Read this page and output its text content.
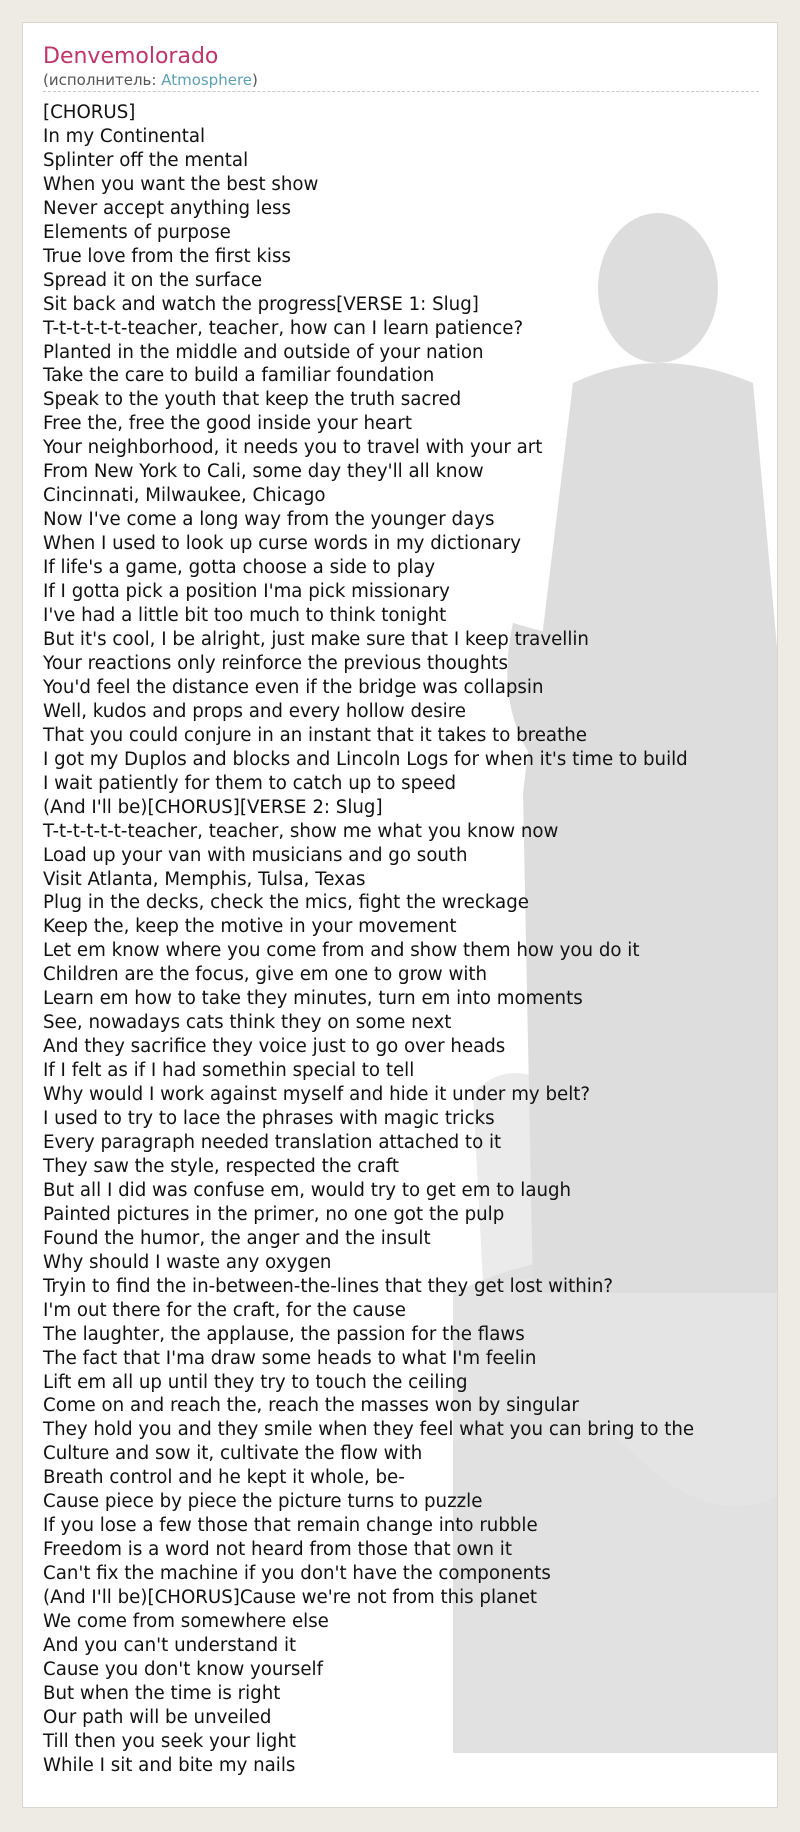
Denvemolorado
(исполнитель: Atmosphere)
[CHORUS]
In my Continental
Splinter off the mental
When you want the best show
Never accept anything less
Elements of purpose
True love from the first kiss
Spread it on the surface
Sit back and watch the progress[VERSE 1: Slug]
T-t-t-t-t-t-teacher, teacher, how can I learn patience?
Planted in the middle and outside of your nation
Take the care to build a familiar foundation
Speak to the youth that keep the truth sacred
Free the, free the good inside your heart
Your neighborhood, it needs you to travel with your art
From New York to Cali, some day they'll all know
Cincinnati, Milwaukee, Chicago
Now I've come a long way from the younger days
When I used to look up curse words in my dictionary
If life's a game, gotta choose a side to play
If I gotta pick a position I'ma pick missionary
I've had a little bit too much to think tonight
But it's cool, I be alright, just make sure that I keep travellin
Your reactions only reinforce the previous thoughts
You'd feel the distance even if the bridge was collapsin
Well, kudos and props and every hollow desire
That you could conjure in an instant that it takes to breathe
I got my Duplos and blocks and Lincoln Logs for when it's time to build
I wait patiently for them to catch up to speed
(And I'll be)[CHORUS][VERSE 2: Slug]
T-t-t-t-t-t-teacher, teacher, show me what you know now
Load up your van with musicians and go south
Visit Atlanta, Memphis, Tulsa, Texas
Plug in the decks, check the mics, fight the wreckage
Keep the, keep the motive in your movement
Let em know where you come from and show them how you do it
Children are the focus, give em one to grow with
Learn em how to take they minutes, turn em into moments
See, nowadays cats think they on some next
And they sacrifice they voice just to go over heads
If I felt as if I had somethin special to tell
Why would I work against myself and hide it under my belt?
I used to try to lace the phrases with magic tricks
Every paragraph needed translation attached to it
They saw the style, respected the craft
But all I did was confuse em, would try to get em to laugh
Painted pictures in the primer, no one got the pulp
Found the humor, the anger and the insult
Why should I waste any oxygen
Tryin to find the in-between-the-lines that they get lost within?
I'm out there for the craft, for the cause
The laughter, the applause, the passion for the flaws
The fact that I'ma draw some heads to what I'm feelin
Lift em all up until they try to touch the ceiling
Come on and reach the, reach the masses won by singular
They hold you and they smile when they feel what you can bring to the
Culture and sow it, cultivate the flow with
Breath control and he kept it whole, be-
Cause piece by piece the picture turns to puzzle
If you lose a few those that remain change into rubble
Freedom is a word not heard from those that own it
Can't fix the machine if you don't have the components
(And I'll be)[CHORUS]Cause we're not from this planet
We come from somewhere else
And you can't understand it
Cause you don't know yourself
But when the time is right
Our path will be unveiled
Till then you seek your light
While I sit and bite my nails
